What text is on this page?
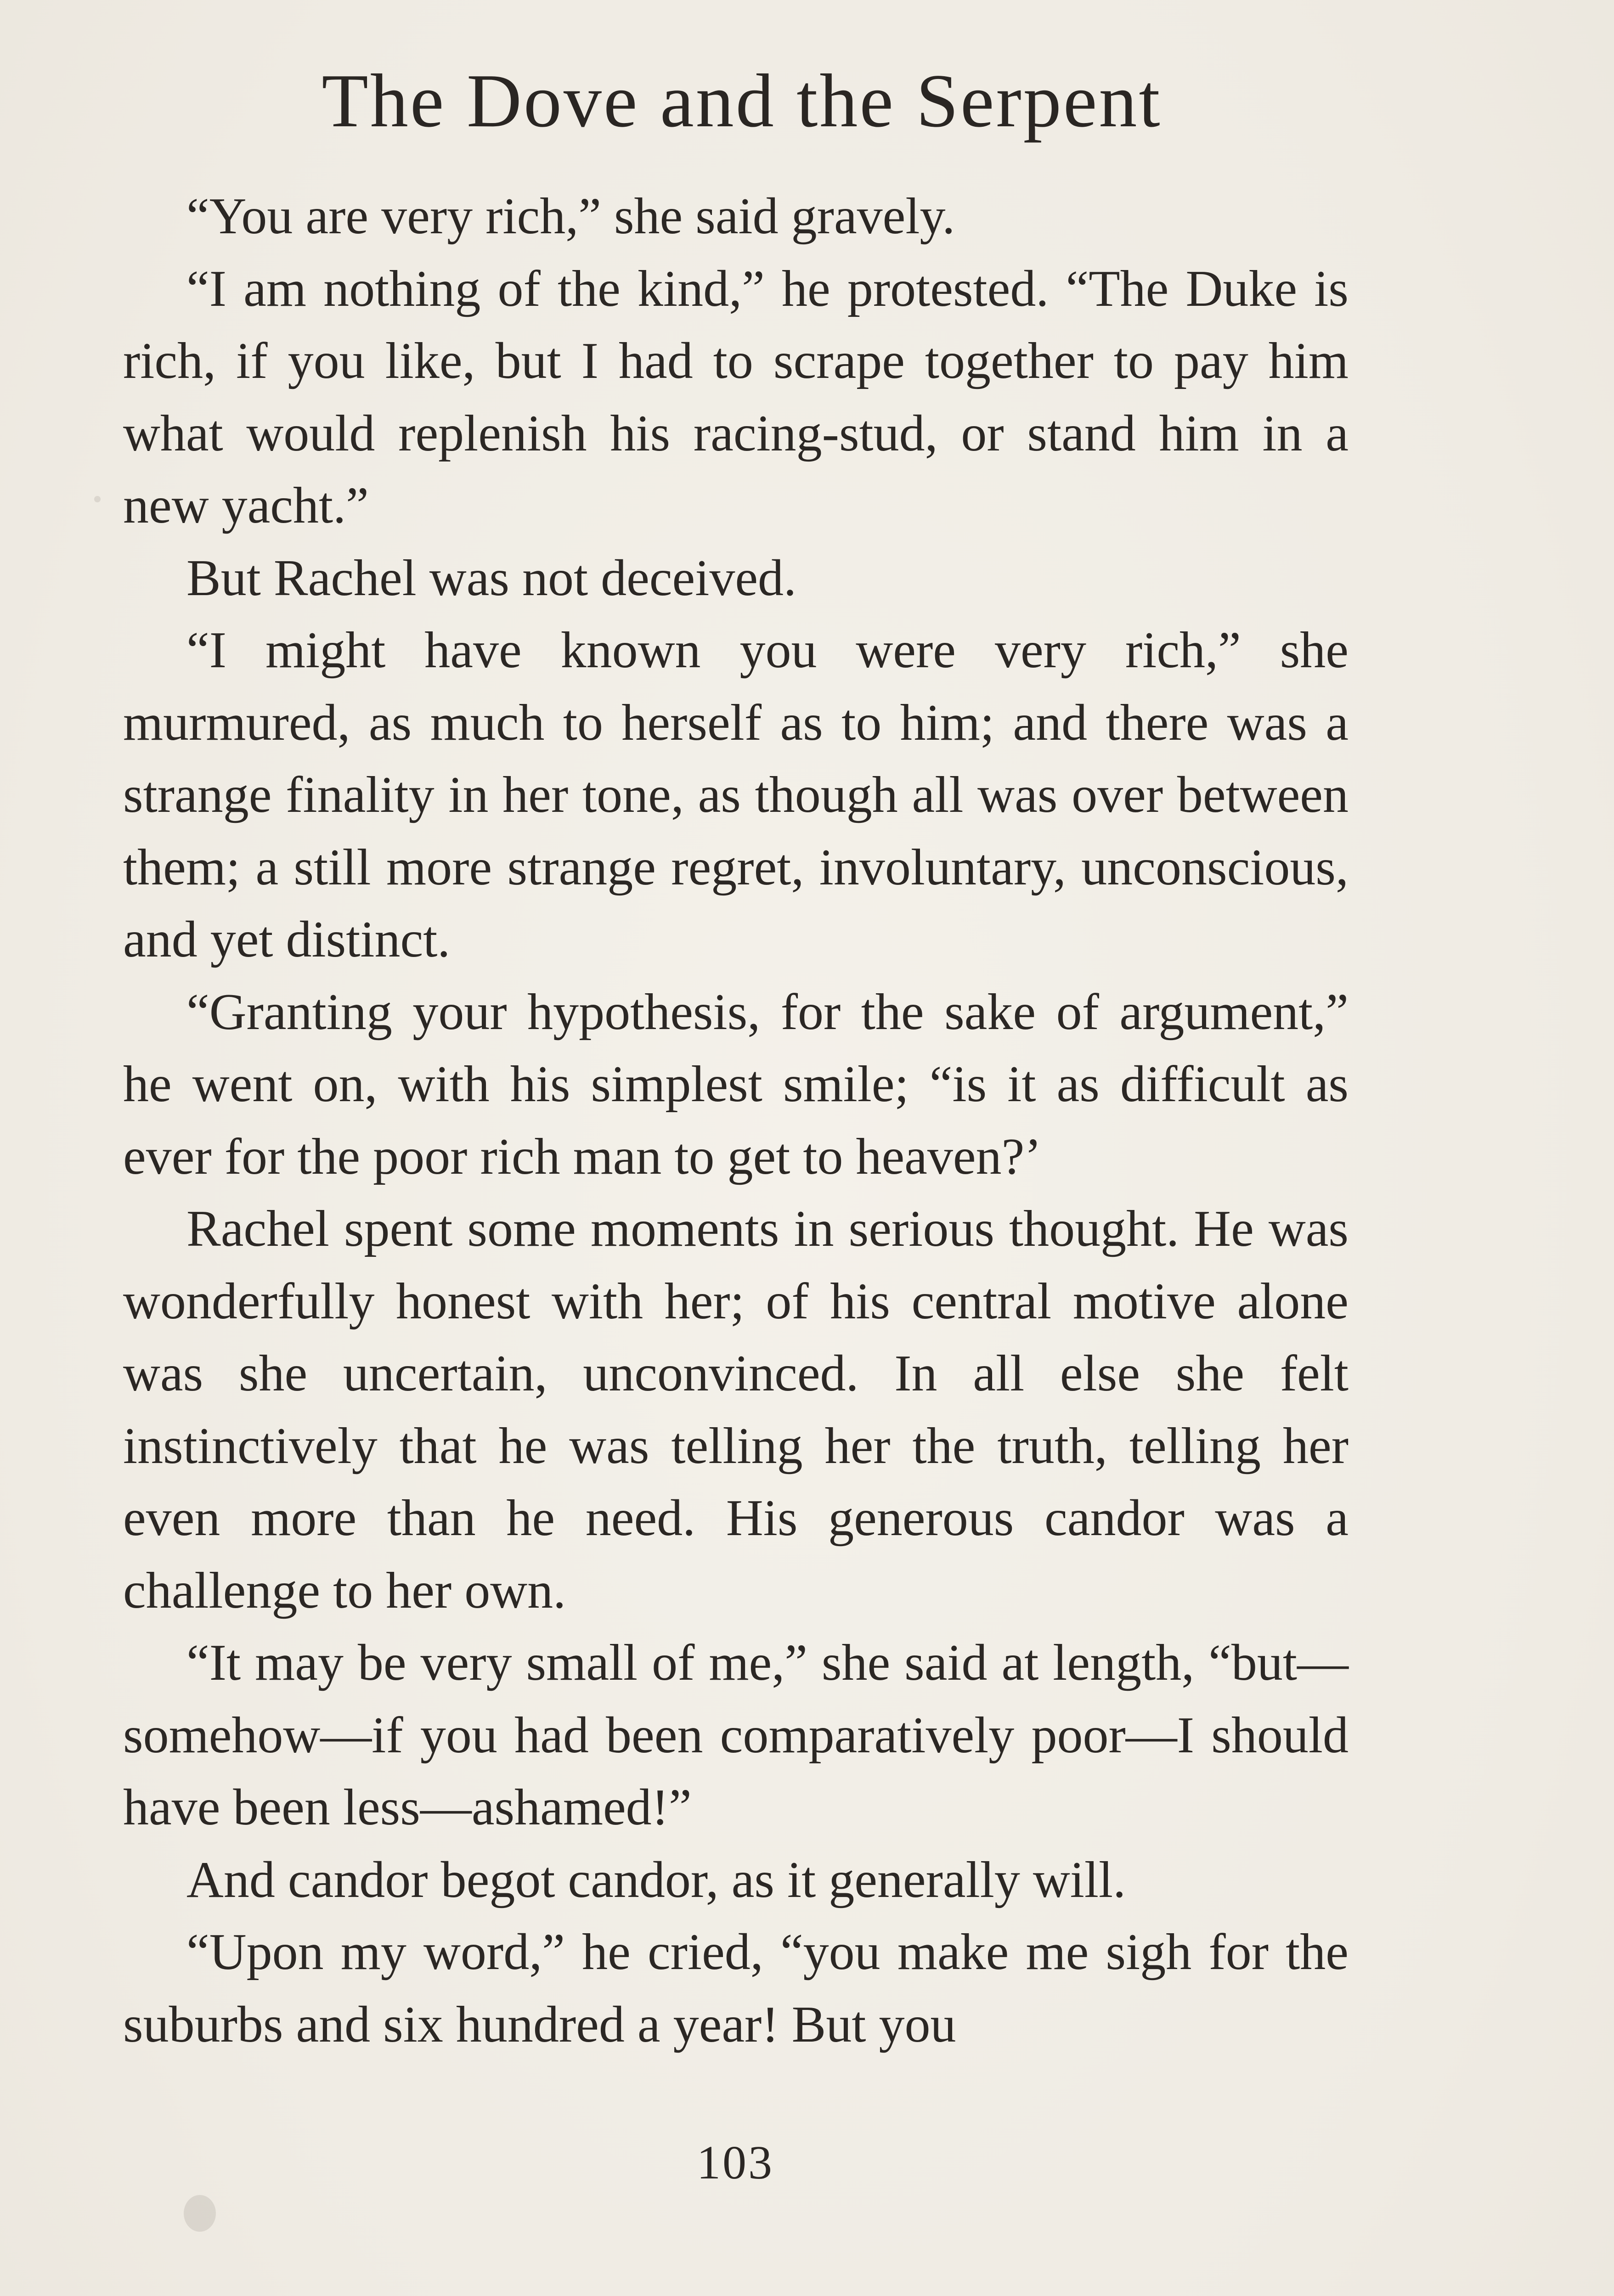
The Dove and the Serpent

“You are very rich,” she said gravely.

“I am nothing of the kind,” he protested. “The Duke is rich, if you like, but I had to scrape together to pay him what would replenish his racing-stud, or stand him in a new yacht.”

But Rachel was not deceived.

“I might have known you were very rich,” she murmured, as much to herself as to him; and there was a strange finality in her tone, as though all was over between them; a still more strange regret, involuntary, unconscious, and yet distinct.

“Granting your hypothesis, for the sake of argument,” he went on, with his simplest smile; “is it as difficult as ever for the poor rich man to get to heaven?’

Rachel spent some moments in serious thought. He was wonderfully honest with her; of his central motive alone was she uncertain, unconvinced. In all else she felt instinctively that he was telling her the truth, telling her even more than he need. His generous candor was a challenge to her own.

“It may be very small of me,” she said at length, “but—somehow—if you had been comparatively poor—I should have been less—ashamed!”

And candor begot candor, as it generally will.

“Upon my word,” he cried, “you make me sigh for the suburbs and six hundred a year! But you

103
